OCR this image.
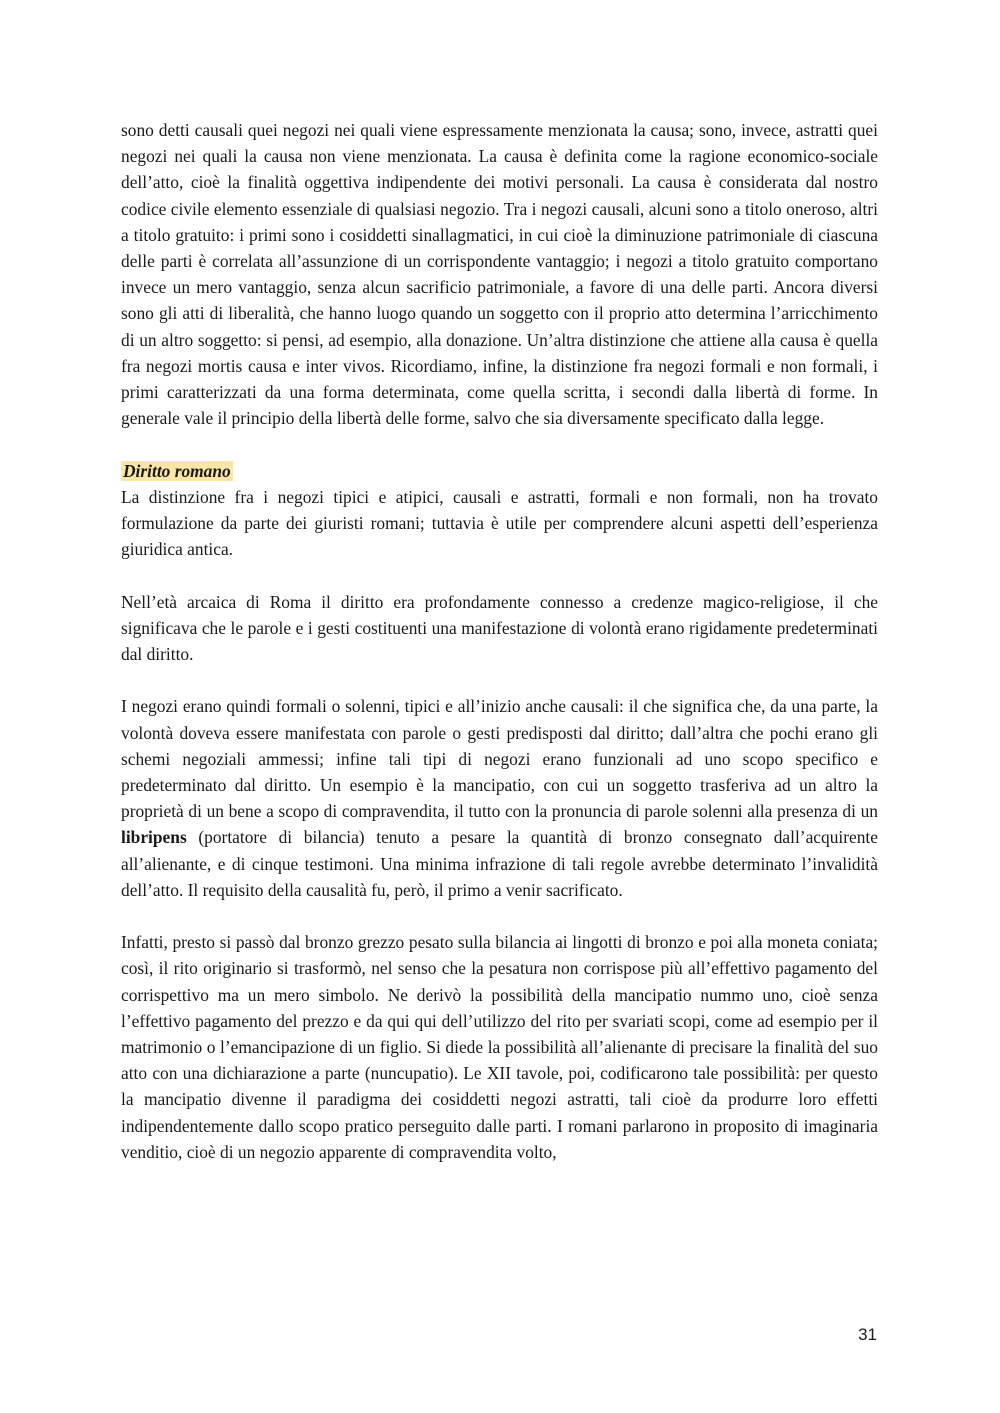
sono detti causali quei negozi nei quali viene espressamente menzionata la causa; sono, invece, astratti quei negozi nei quali la causa non viene menzionata. La causa è definita come la ragione economico-sociale dell’atto, cioè la finalità oggettiva indipendente dei motivi personali. La causa è considerata dal nostro codice civile elemento essenziale di qualsiasi negozio. Tra i negozi causali, alcuni sono a titolo oneroso, altri a titolo gratuito: i primi sono i cosiddetti sinallagmatici, in cui cioè la diminuzione patrimoniale di ciascuna delle parti è correlata all’assunzione di un corrispondente vantaggio; i negozi a titolo gratuito comportano invece un mero vantaggio, senza alcun sacrificio patrimoniale, a favore di una delle parti. Ancora diversi sono gli atti di liberalità, che hanno luogo quando un soggetto con il proprio atto determina l’arricchimento di un altro soggetto: si pensi, ad esempio, alla donazione. Un’altra distinzione che attiene alla causa è quella fra negozi mortis causa e inter vivos. Ricordiamo, infine, la distinzione fra negozi formali e non formali, i primi caratterizzati da una forma determinata, come quella scritta, i secondi dalla libertà di forme. In generale vale il principio della libertà delle forme, salvo che sia diversamente specificato dalla legge.

Diritto romano

La distinzione fra i negozi tipici e atipici, causali e astratti, formali e non formali, non ha trovato formulazione da parte dei giuristi romani; tuttavia è utile per comprendere alcuni aspetti dell’esperienza giuridica antica.

Nell’età arcaica di Roma il diritto era profondamente connesso a credenze magico-religiose, il che significava che le parole e i gesti costituenti una manifestazione di volontà erano rigidamente predeterminati dal diritto.

I negozi erano quindi formali o solenni, tipici e all’inizio anche causali: il che significa che, da una parte, la volontà doveva essere manifestata con parole o gesti predisposti dal diritto; dall’altra che pochi erano gli schemi negoziali ammessi; infine tali tipi di negozi erano funzionali ad uno scopo specifico e predeterminato dal diritto. Un esempio è la mancipatio, con cui un soggetto trasferiva ad un altro la proprietà di un bene a scopo di compravendita, il tutto con la pronuncia di parole solenni alla presenza di un libripens (portatore di bilancia) tenuto a pesare la quantità di bronzo consegnato dall’acquirente all’alienante, e di cinque testimoni. Una minima infrazione di tali regole avrebbe determinato l’invalidità dell’atto. Il requisito della causalità fu, però, il primo a venir sacrificato.

Infatti, presto si passò dal bronzo grezzo pesato sulla bilancia ai lingotti di bronzo e poi alla moneta coniata; così, il rito originario si trasformò, nel senso che la pesatura non corrispose più all’effettivo pagamento del corrispettivo ma un mero simbolo. Ne derivò la possibilità della mancipatio nummo uno, cioè senza l’effettivo pagamento del prezzo e da qui qui dell’utilizzo del rito per svariati scopi, come ad esempio per il matrimonio o l’emancipazione di un figlio. Si diede la possibilità all’alienante di precisare la finalità del suo atto con una dichiarazione a parte (nuncupatio). Le XII tavole, poi, codificarono tale possibilità: per questo la mancipatio divenne il paradigma dei cosiddetti negozi astratti, tali cioè da produrre loro effetti indipendentemente dallo scopo pratico perseguito dalle parti. I romani parlarono in proposito di imaginaria venditio, cioè di un negozio apparente di compravendita volto,

31
